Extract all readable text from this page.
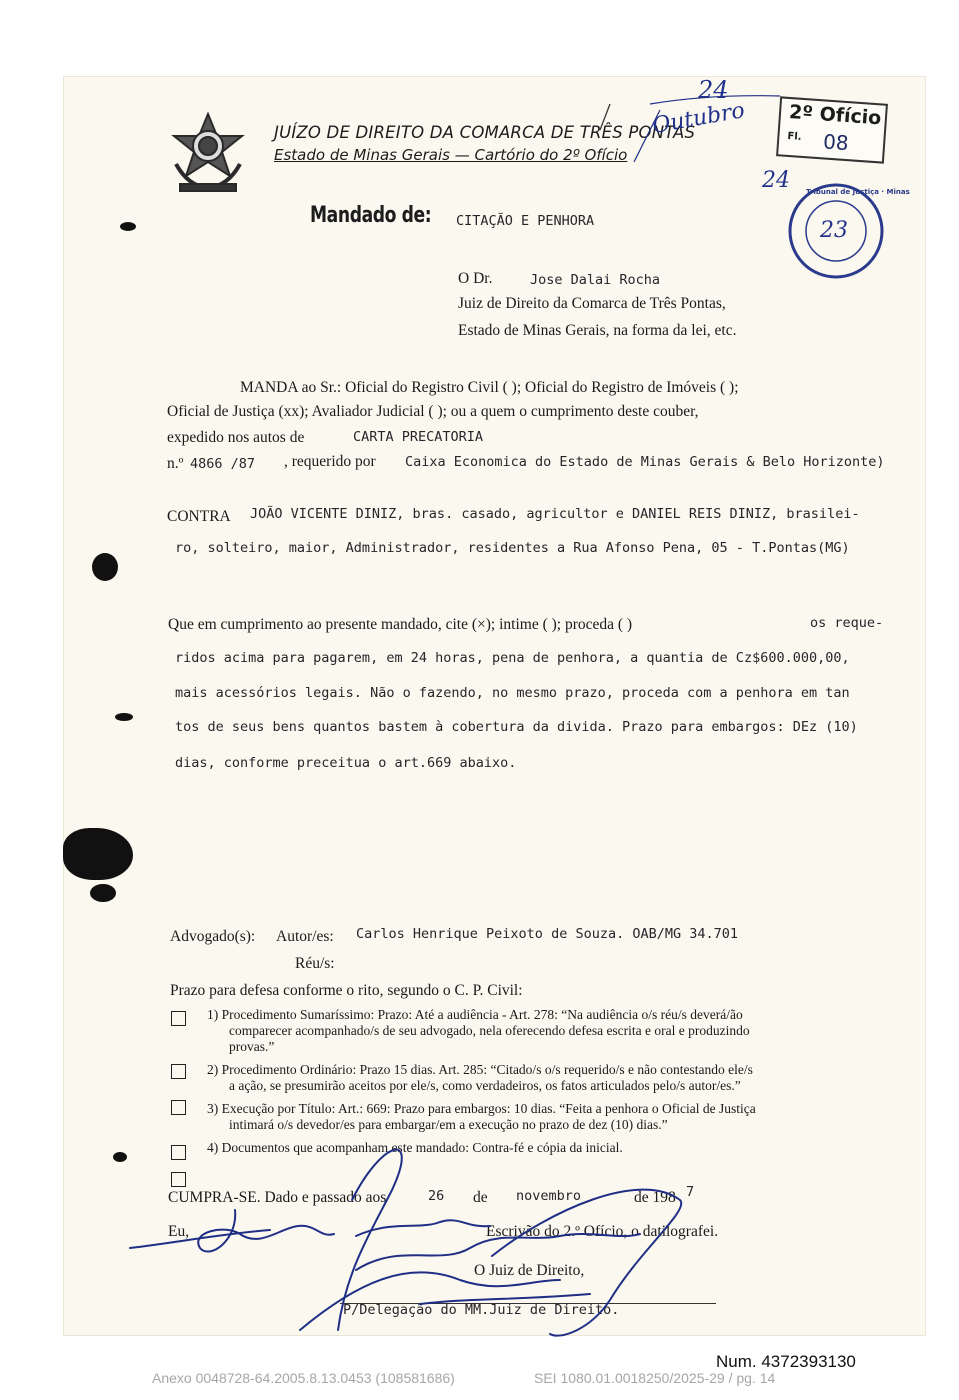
JUÍZO DE DIREITO DA COMARCA DE TRÊS PONTAS
Estado de Minas Gerais — Cartório do 2º Ofício
24
Outubro 2º Ofício
Fl. 08
24 Tribunal de Justiça · Minas
23
Mandado de: CITAÇÃO E PENHORA
O Dr.	Jose Dalai Rocha
Juiz de Direito da Comarca de Três Pontas,
Estado de Minas Gerais, na forma da lei, etc.
MANDA ao Sr.: Oficial do Registro Civil ( ); Oficial do Registro de Imóveis ( );
Oficial de Justiça (xx); Avaliador Judicial ( ); ou a quem o cumprimento deste couber,
expedido nos autos de	CARTA PRECATORIA
n.º 4866 /87 , requerido por Caixa Economica do Estado de Minas Gerais & Belo Horizonte)
CONTRA JOÃO VICENTE DINIZ, bras. casado, agricultor e DANIEL REIS DINIZ, brasilei-
ro, solteiro, maior, Administrador, residentes a Rua Afonso Pena, 05 - T.Pontas(MG)
Que em cumprimento ao presente mandado, cite (×); intime ( ); proceda ( )	os reque-
ridos acima para pagarem, em 24 horas, pena de penhora, a quantia de Cz$600.000,00,
mais acessórios legais. Não o fazendo, no mesmo prazo, proceda com a penhora em tan
tos de seus bens quantos bastem à cobertura da divida. Prazo para embargos: DEz (10)
dias, conforme preceitua o art.669 abaixo.
Advogado(s): Autor/es: Carlos Henrique Peixoto de Souza. OAB/MG 34.701
Réu/s:
Prazo para defesa conforme o rito, segundo o C. P. Civil:
1) Procedimento Sumaríssimo: Prazo: Até a audiência - Art. 278: “Na audiência o/s réu/s deverá/ão
comparecer acompanhado/s de seu advogado, nela oferecendo defesa escrita e oral e produzindo
provas.”
2) Procedimento Ordinário: Prazo 15 dias. Art. 285: “Citado/s o/s requerido/s e não contestando ele/s
a ação, se presumirão aceitos por ele/s, como verdadeiros, os fatos articulados pelo/s autor/es.”
3) Execução por Título: Art.: 669: Prazo para embargos: 10 dias. “Feita a penhora o Oficial de Justiça
intimará o/s devedor/es para embargar/em a execução no prazo de dez (10) dias.”
4) Documentos que acompanham este mandado: Contra-fé e cópia da inicial.
CUMPRA-SE. Dado e passado aos	26 de novembro	de 198 7
Eu,	Escrivão do 2.º Ofício, o datilografei.
O Juiz de Direito,
P/Delegação do MM.Juiz de Direito.
Num. 4372393130
Anexo 0048728-64.2005.8.13.0453 (108581686)	SEI 1080.01.0018250/2025-29 / pg. 14
